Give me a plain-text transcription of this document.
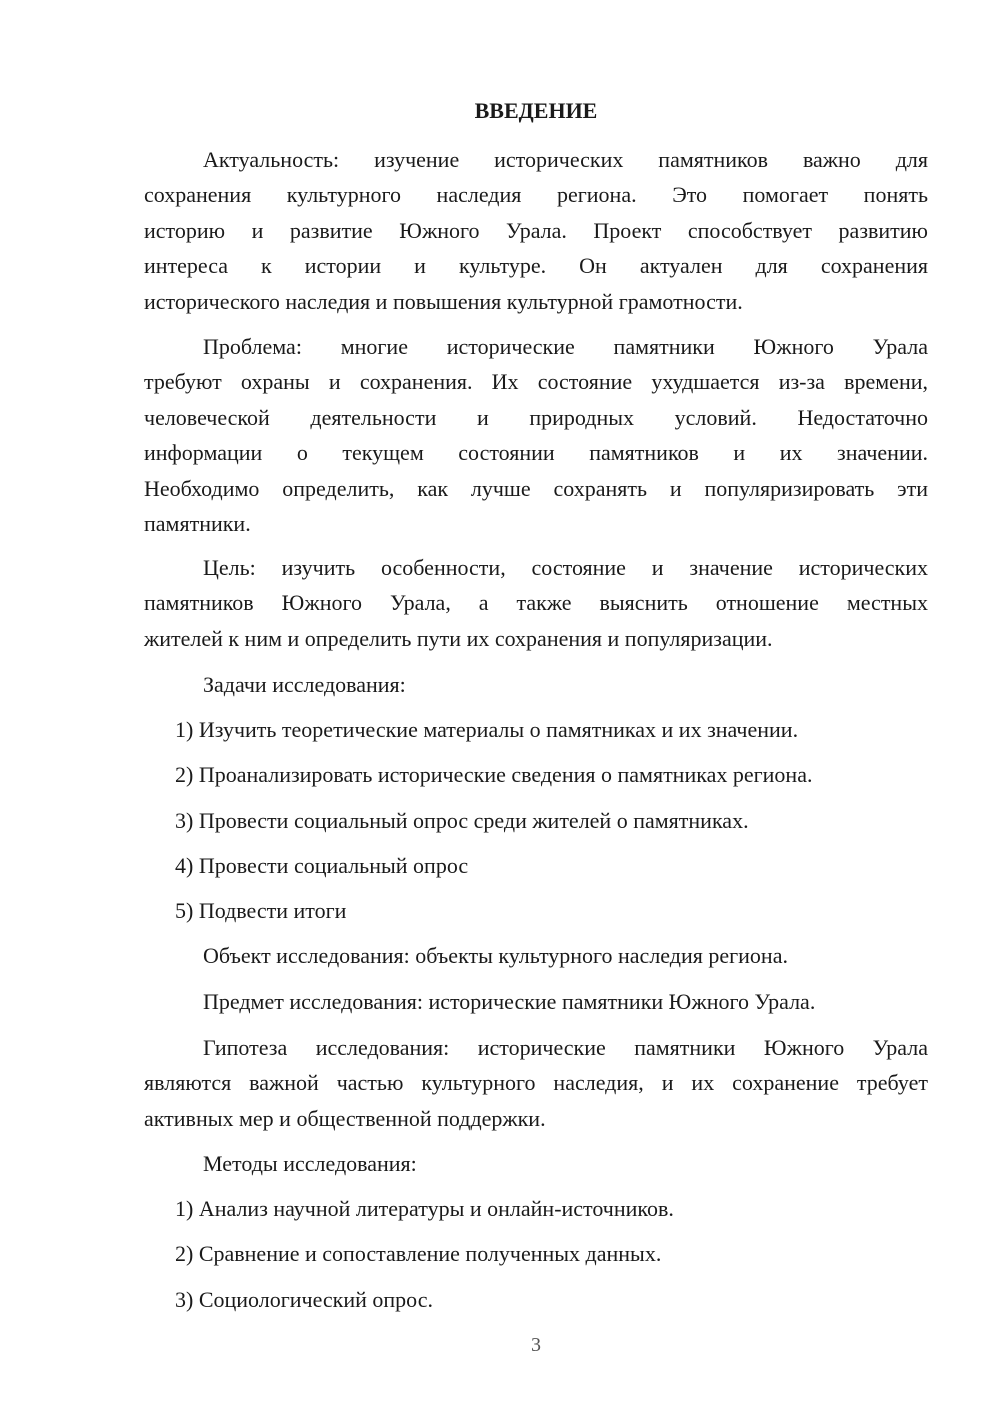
ВВЕДЕНИЕ
Актуальность: изучение исторических памятников важно для
сохранения культурного наследия региона. Это помогает понять
историю и развитие Южного Урала. Проект способствует развитию
интереса к истории и культуре. Он актуален для сохранения
исторического наследия и повышения культурной грамотности.
Проблема: многие исторические памятники Южного Урала
требуют охраны и сохранения. Их состояние ухудшается из-за времени,
человеческой деятельности и природных условий. Недостаточно
информации о текущем состоянии памятников и их значении.
Необходимо определить, как лучше сохранять и популяризировать эти
памятники.
Цель: изучить особенности, состояние и значение исторических
памятников Южного Урала, а также выяснить отношение местных
жителей к ним и определить пути их сохранения и популяризации.
Задачи исследования:
1) Изучить теоретические материалы о памятниках и их значении.
2) Проанализировать исторические сведения о памятниках региона.
3) Провести социальный опрос среди жителей о памятниках.
4) Провести социальный опрос
5) Подвести итоги
Объект исследования: объекты культурного наследия региона.
Предмет исследования: исторические памятники Южного Урала.
Гипотеза исследования: исторические памятники Южного Урала
являются важной частью культурного наследия, и их сохранение требует
активных мер и общественной поддержки.
Методы исследования:
1) Анализ научной литературы и онлайн-источников.
2) Сравнение и сопоставление полученных данных.
3) Социологический опрос.
3
